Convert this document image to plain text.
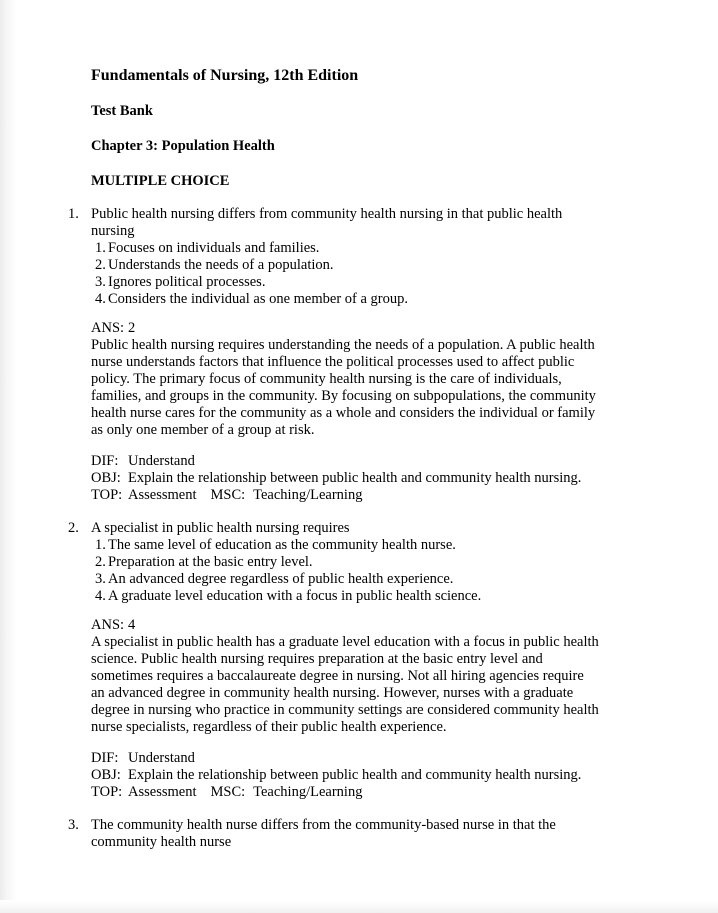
Fundamentals of Nursing, 12th Edition
Test Bank
Chapter 3: Population Health
MULTIPLE CHOICE
1. Public health nursing differs from community health nursing in that public health nursing
1. Focuses on individuals and families.
2. Understands the needs of a population.
3. Ignores political processes.
4. Considers the individual as one member of a group.
ANS: 2

Public health nursing requires understanding the needs of a population. A public health nurse understands factors that influence the political processes used to affect public policy. The primary focus of community health nursing is the care of individuals, families, and groups in the community. By focusing on subpopulations, the community health nurse cares for the community as a whole and considers the individual or family as only one member of a group at risk.

DIF: Understand
OBJ: Explain the relationship between public health and community health nursing.
TOP: Assessment MSC: Teaching/Learning
2. A specialist in public health nursing requires
1. The same level of education as the community health nurse.
2. Preparation at the basic entry level.
3. An advanced degree regardless of public health experience.
4. A graduate level education with a focus in public health science.
ANS: 4

A specialist in public health has a graduate level education with a focus in public health science. Public health nursing requires preparation at the basic entry level and sometimes requires a baccalaureate degree in nursing. Not all hiring agencies require an advanced degree in community health nursing. However, nurses with a graduate degree in nursing who practice in community settings are considered community health nurse specialists, regardless of their public health experience.

DIF: Understand
OBJ: Explain the relationship between public health and community health nursing.
TOP: Assessment MSC: Teaching/Learning
3. The community health nurse differs from the community-based nurse in that the community health nurse
